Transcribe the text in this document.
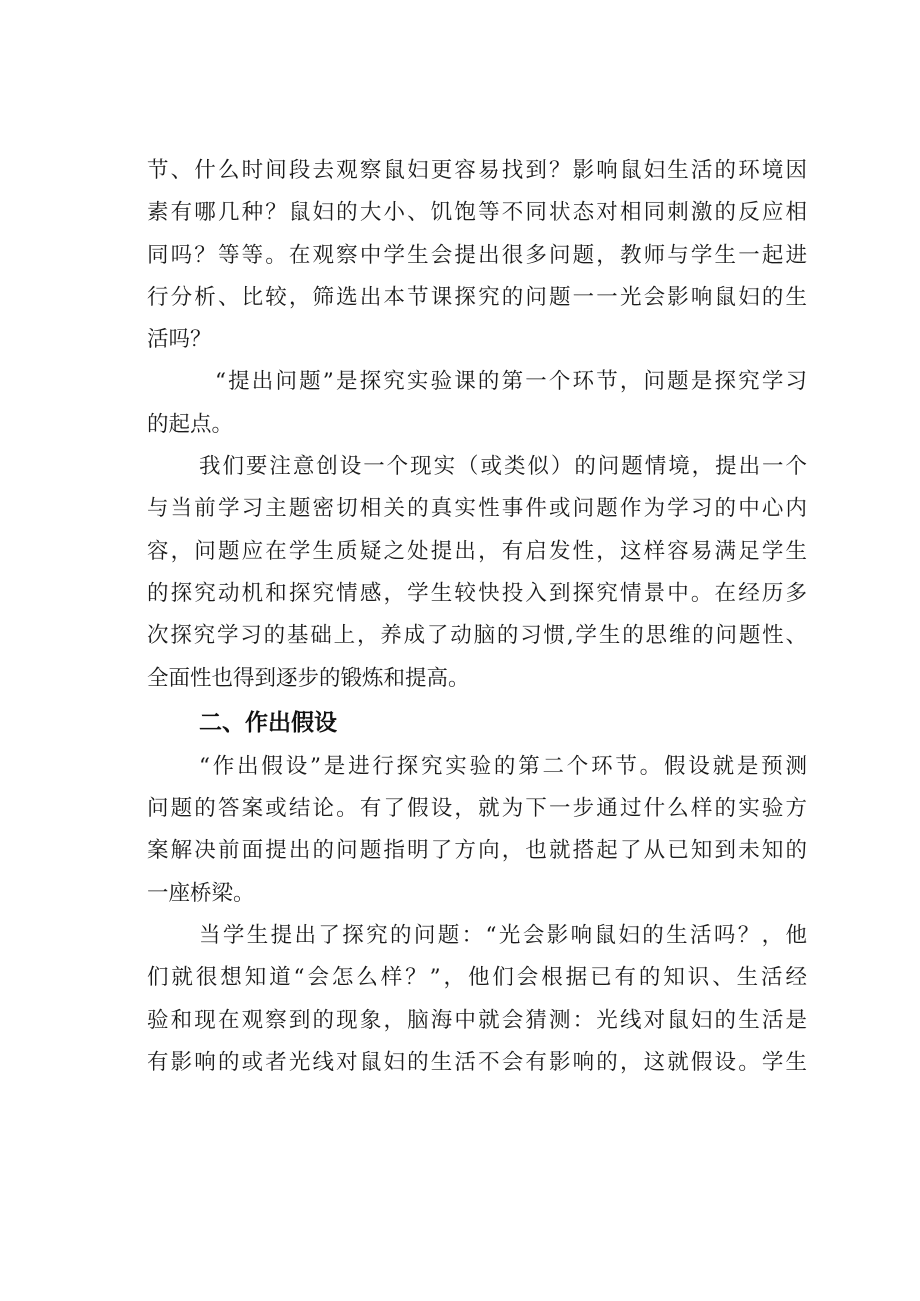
节、什么时间段去观察鼠妇更容易找到？影响鼠妇生活的环境因
素有哪几种？鼠妇的大小、饥饱等不同状态对相同刺激的反应相
同吗？等等。在观察中学生会提出很多问题，教师与学生一起进
行分析、比较，筛选出本节课探究的问题一一光会影响鼠妇的生
活吗？
“提出问题”是探究实验课的第一个环节，问题是探究学习
的起点。
我们要注意创设一个现实（或类似）的问题情境，提出一个
与当前学习主题密切相关的真实性事件或问题作为学习的中心内
容，问题应在学生质疑之处提出，有启发性，这样容易满足学生
的探究动机和探究情感，学生较快投入到探究情景中。在经历多
次探究学习的基础上，养成了动脑的习惯,学生的思维的问题性、
全面性也得到逐步的锻炼和提高。
二、作出假设
“作出假设”是进行探究实验的第二个环节。假设就是预测
问题的答案或结论。有了假设，就为下一步通过什么样的实验方
案解决前面提出的问题指明了方向，也就搭起了从已知到未知的
一座桥梁。
当学生提出了探究的问题：“光会影响鼠妇的生活吗？，他
们就很想知道“会怎么样？”，他们会根据已有的知识、生活经
验和现在观察到的现象，脑海中就会猜测：光线对鼠妇的生活是
有影响的或者光线对鼠妇的生活不会有影响的，这就假设。学生
